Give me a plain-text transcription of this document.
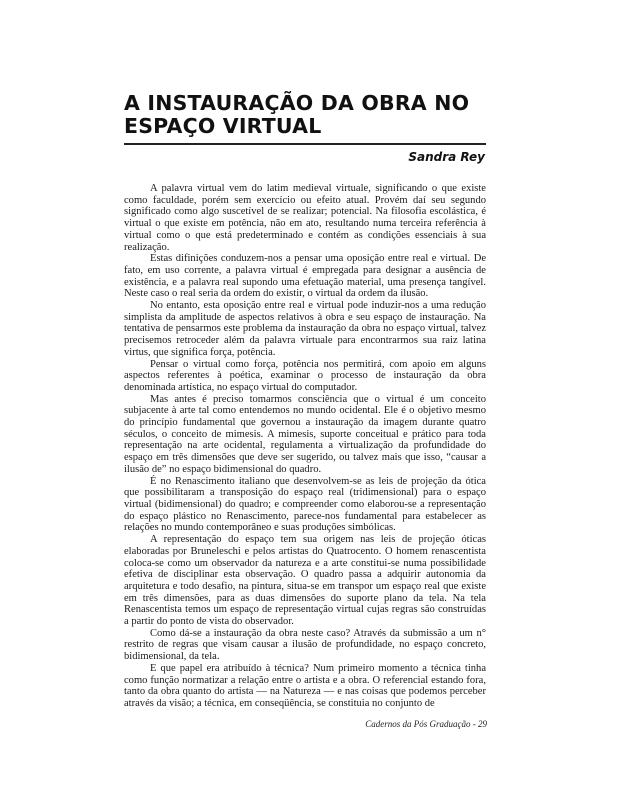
A INSTAURAÇÃO DA OBRA NO
ESPAÇO VIRTUAL
Sandra Rey

A palavra virtual vem do latim medieval virtuale, significando o que existe como faculdade, porém sem exercício ou efeito atual. Provém daí seu segundo significado como algo suscetível de se realizar; potencial. Na filosofia escolástica, é virtual o que existe em potência, não em ato, resultando numa terceira referência à virtual como o que está predeterminado e contém as condições essenciais à sua realização.

Estas difinições conduzem-nos a pensar uma oposição entre real e virtual. De fato, em uso corrente, a palavra virtual é empregada para designar a ausência de existência, e a palavra real supondo uma efetuação material, uma presença tangível. Neste caso o real seria da ordem do existir, o virtual da ordem da ilusão.

No entanto, esta oposição entre real e virtual pode induzir-nos a uma redução simplista da amplitude de aspectos relativos à obra e seu espaço de instauração. Na tentativa de pensarmos este problema da instauração da obra no espaço virtual, talvez precisemos retroceder além da palavra virtuale para encontrarmos sua raiz latina virtus, que significa força, potência.

Pensar o virtual como força, potência nos permitirá, com apoio em alguns aspectos referentes à poética, examinar o processo de instauração da obra denominada artística, no espaço virtual do computador.

Mas antes é preciso tomarmos consciência que o virtual é um conceito subjacente à arte tal como entendemos no mundo ocidental. Ele é o objetivo mesmo do princípio fundamental que governou a instauração da imagem durante quatro séculos, o conceito de mimesis. A mimesis, suporte conceitual e prático para toda representação na arte ocidental, regulamenta a virtualização da profundidade do espaço em três dimensões que deve ser sugerido, ou talvez mais que isso, “causar a ilusão de” no espaço bidimensional do quadro.

É no Renascimento italiano que desenvolvem-se as leis de projeção da ótica que possibilitaram a transposição do espaço real (tridimensional) para o espaço virtual (bidimensional) do quadro; e compreender como elaborou-se a representação do espaço plástico no Renascimento, parece-nos fundamental para estabelecer as relações no mundo contemporâneo e suas produções simbólicas.

A representação do espaço tem sua origem nas leis de projeção óticas elaboradas por Bruneleschi e pelos artistas do Quatrocento. O homem renascentista coloca-se como um observador da natureza e a arte constitui-se numa possibilidade efetiva de disciplinar esta observação. O quadro passa a adquirir autonomia da arquitetura e todo desafio, na pintura, situa-se em transpor um espaço real que existe em três dimensões, para as duas dimensões do suporte plano da tela. Na tela Renascentista temos um espaço de representação virtual cujas regras são construídas a partir do ponto de vista do observador.

Como dá-se a instauração da obra neste caso? Através da submissão a um n° restrito de regras que visam causar a ilusão de profundidade, no espaço concreto, bidimensional, da tela.

E que papel era atribuído à técnica? Num primeiro momento a técnica tinha como função normatizar a relação entre o artista e a obra. O referencial estando fora, tanto da obra quanto do artista — na Natureza — e nas coisas que podemos perceber através da visão; a técnica, em conseqüência, se constituia no conjunto de

Cadernos da Pós Graduação - 29
